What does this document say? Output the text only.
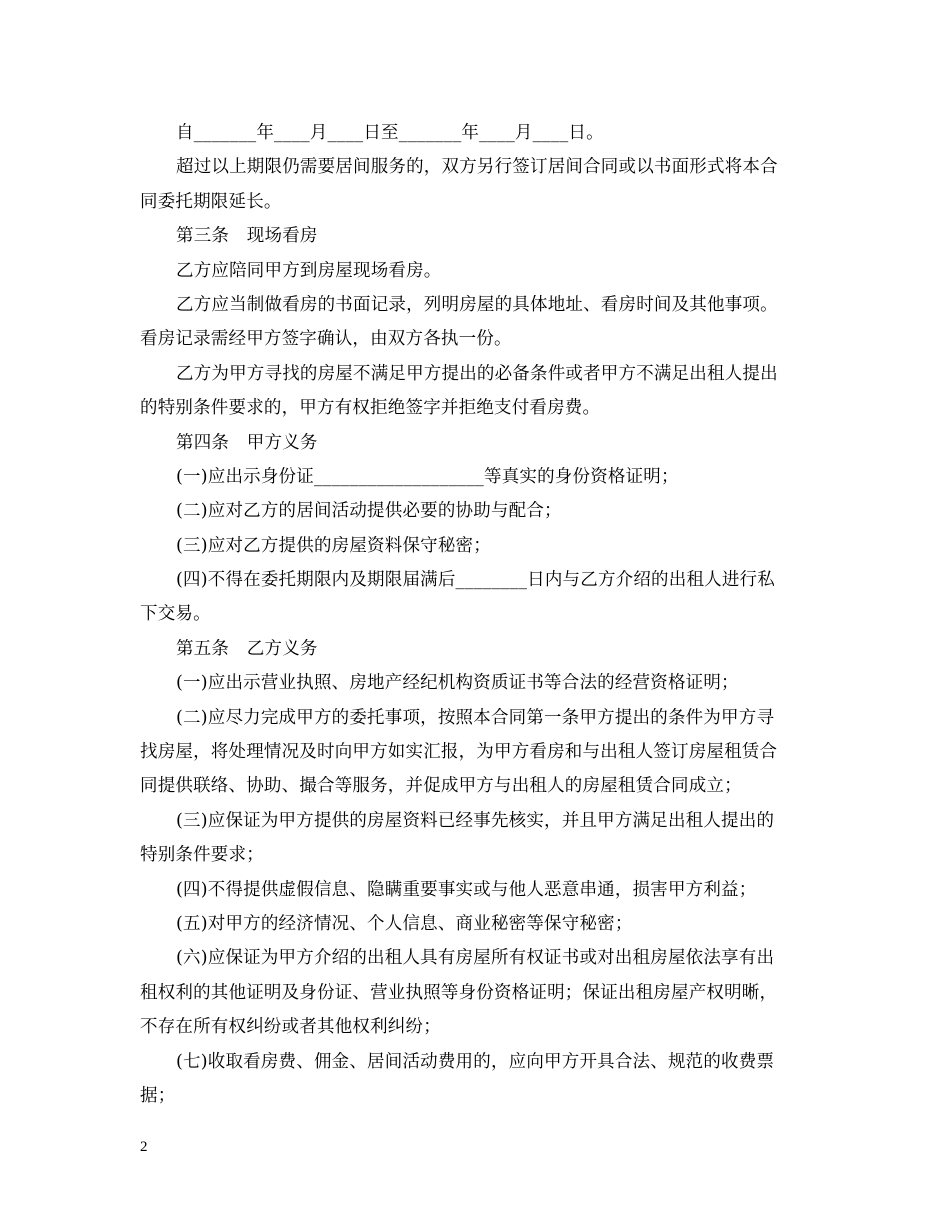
自_______年____月____日至_______年____月____日。
超过以上期限仍需要居间服务的，双方另行签订居间合同或以书面形式将本合
同委托期限延长。
第三条　现场看房
乙方应陪同甲方到房屋现场看房。
乙方应当制做看房的书面记录，列明房屋的具体地址、看房时间及其他事项。
看房记录需经甲方签字确认，由双方各执一份。
乙方为甲方寻找的房屋不满足甲方提出的必备条件或者甲方不满足出租人提出
的特别条件要求的，甲方有权拒绝签字并拒绝支付看房费。
第四条　甲方义务
(一)应出示身份证___________________等真实的身份资格证明；
(二)应对乙方的居间活动提供必要的协助与配合；
(三)应对乙方提供的房屋资料保守秘密；
(四)不得在委托期限内及期限届满后________日内与乙方介绍的出租人进行私
下交易。
第五条　乙方义务
(一)应出示营业执照、房地产经纪机构资质证书等合法的经营资格证明；
(二)应尽力完成甲方的委托事项，按照本合同第一条甲方提出的条件为甲方寻
找房屋，将处理情况及时向甲方如实汇报，为甲方看房和与出租人签订房屋租赁合
同提供联络、协助、撮合等服务，并促成甲方与出租人的房屋租赁合同成立；
(三)应保证为甲方提供的房屋资料已经事先核实，并且甲方满足出租人提出的
特别条件要求；
(四)不得提供虚假信息、隐瞒重要事实或与他人恶意串通，损害甲方利益；
(五)对甲方的经济情况、个人信息、商业秘密等保守秘密；
(六)应保证为甲方介绍的出租人具有房屋所有权证书或对出租房屋依法享有出
租权利的其他证明及身份证、营业执照等身份资格证明；保证出租房屋产权明晰，
不存在所有权纠纷或者其他权利纠纷；
(七)收取看房费、佣金、居间活动费用的，应向甲方开具合法、规范的收费票
据；
2
